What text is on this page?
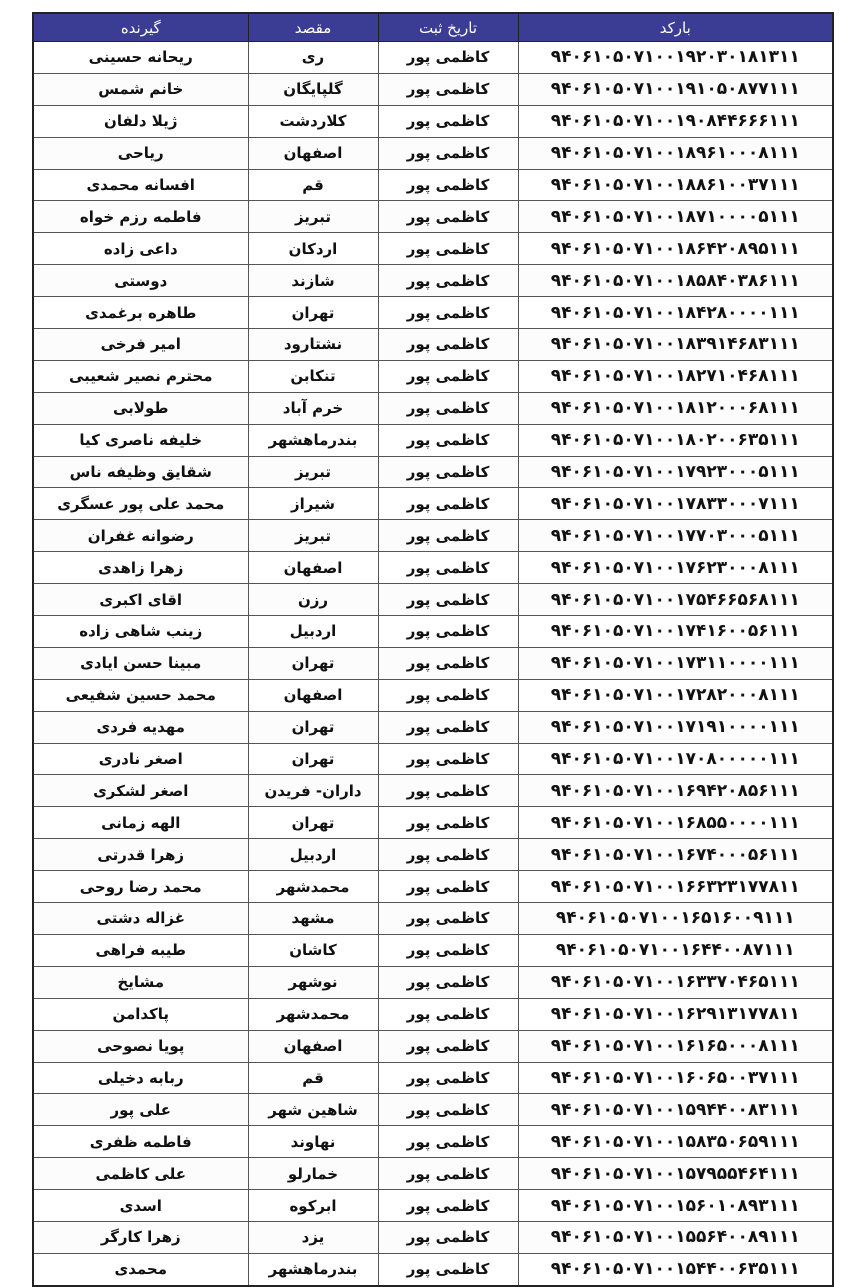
بارکد	تاریخ ثبت	مقصد	گیرنده
۹۴۰۶۱۰۵۰۷۱۰۰۱۹۲۰۳۰۱۸۱۳۱۱	کاظمی پور	ری	ریحانه حسینی
۹۴۰۶۱۰۵۰۷۱۰۰۱۹۱۰۵۰۸۷۷۱۱۱	کاظمی پور	گلپایگان	خانم شمس
۹۴۰۶۱۰۵۰۷۱۰۰۱۹۰۸۴۴۶۶۶۱۱۱	کاظمی پور	کلاردشت	ژیلا دلفان
۹۴۰۶۱۰۵۰۷۱۰۰۱۸۹۶۱۰۰۰۸۱۱۱	کاظمی پور	اصفهان	ریاحی
۹۴۰۶۱۰۵۰۷۱۰۰۱۸۸۶۱۰۰۳۷۱۱۱	کاظمی پور	قم	افسانه محمدی
۹۴۰۶۱۰۵۰۷۱۰۰۱۸۷۱۰۰۰۰۵۱۱۱	کاظمی پور	تبریز	فاطمه رزم خواه
۹۴۰۶۱۰۵۰۷۱۰۰۱۸۶۴۲۰۸۹۵۱۱۱	کاظمی پور	اردکان	داعی زاده
۹۴۰۶۱۰۵۰۷۱۰۰۱۸۵۸۴۰۳۸۶۱۱۱	کاظمی پور	شازند	دوستی
۹۴۰۶۱۰۵۰۷۱۰۰۱۸۴۲۸۰۰۰۰۱۱۱	کاظمی پور	تهران	طاهره برغمدی
۹۴۰۶۱۰۵۰۷۱۰۰۱۸۳۹۱۴۶۸۳۱۱۱	کاظمی پور	نشتارود	امیر فرخی
۹۴۰۶۱۰۵۰۷۱۰۰۱۸۲۷۱۰۴۶۸۱۱۱	کاظمی پور	تنکابن	محترم نصیر شعیبی
۹۴۰۶۱۰۵۰۷۱۰۰۱۸۱۲۰۰۰۶۸۱۱۱	کاظمی پور	خرم آباد	طولابی
۹۴۰۶۱۰۵۰۷۱۰۰۱۸۰۲۰۰۶۳۵۱۱۱	کاظمی پور	بندرماهشهر	خلیفه ناصری کیا
۹۴۰۶۱۰۵۰۷۱۰۰۱۷۹۲۳۰۰۰۵۱۱۱	کاظمی پور	تبریز	شقایق وظیفه ناس
۹۴۰۶۱۰۵۰۷۱۰۰۱۷۸۳۳۰۰۰۷۱۱۱	کاظمی پور	شیراز	محمد علی پور عسگری
۹۴۰۶۱۰۵۰۷۱۰۰۱۷۷۰۳۰۰۰۵۱۱۱	کاظمی پور	تبریز	رضوانه غفران
۹۴۰۶۱۰۵۰۷۱۰۰۱۷۶۲۳۰۰۰۸۱۱۱	کاظمی پور	اصفهان	زهرا زاهدی
۹۴۰۶۱۰۵۰۷۱۰۰۱۷۵۴۶۶۵۶۸۱۱۱	کاظمی پور	رزن	اقای اکبری
۹۴۰۶۱۰۵۰۷۱۰۰۱۷۴۱۶۰۰۵۶۱۱۱	کاظمی پور	اردبیل	زینب شاهی زاده
۹۴۰۶۱۰۵۰۷۱۰۰۱۷۳۱۱۰۰۰۰۱۱۱	کاظمی پور	تهران	مبینا حسن ایادی
۹۴۰۶۱۰۵۰۷۱۰۰۱۷۲۸۲۰۰۰۸۱۱۱	کاظمی پور	اصفهان	محمد حسین شفیعی
۹۴۰۶۱۰۵۰۷۱۰۰۱۷۱۹۱۰۰۰۰۱۱۱	کاظمی پور	تهران	مهدیه فردی
۹۴۰۶۱۰۵۰۷۱۰۰۱۷۰۸۰۰۰۰۰۱۱۱	کاظمی پور	تهران	اصغر نادری
۹۴۰۶۱۰۵۰۷۱۰۰۱۶۹۴۲۰۸۵۶۱۱۱	کاظمی پور	داران- فریدن	اصغر لشکری
۹۴۰۶۱۰۵۰۷۱۰۰۱۶۸۵۵۰۰۰۰۱۱۱	کاظمی پور	تهران	الهه زمانی
۹۴۰۶۱۰۵۰۷۱۰۰۱۶۷۴۰۰۰۵۶۱۱۱	کاظمی پور	اردبیل	زهرا قدرتی
۹۴۰۶۱۰۵۰۷۱۰۰۱۶۶۳۲۳۱۷۷۸۱۱	کاظمی پور	محمدشهر	محمد رضا روحی
۹۴۰۶۱۰۵۰۷۱۰۰۱۶۵۱۶۰۰۹۱۱۱	کاظمی پور	مشهد	غزاله دشتی
۹۴۰۶۱۰۵۰۷۱۰۰۱۶۴۴۰۰۸۷۱۱۱	کاظمی پور	کاشان	طیبه فراهی
۹۴۰۶۱۰۵۰۷۱۰۰۱۶۳۳۷۰۴۶۵۱۱۱	کاظمی پور	نوشهر	مشایخ
۹۴۰۶۱۰۵۰۷۱۰۰۱۶۲۹۱۳۱۷۷۸۱۱	کاظمی پور	محمدشهر	پاکدامن
۹۴۰۶۱۰۵۰۷۱۰۰۱۶۱۶۵۰۰۰۸۱۱۱	کاظمی پور	اصفهان	پویا نصوحی
۹۴۰۶۱۰۵۰۷۱۰۰۱۶۰۶۵۰۰۳۷۱۱۱	کاظمی پور	قم	ربابه دخیلی
۹۴۰۶۱۰۵۰۷۱۰۰۱۵۹۴۴۰۰۸۳۱۱۱	کاظمی پور	شاهین شهر	علی پور
۹۴۰۶۱۰۵۰۷۱۰۰۱۵۸۳۵۰۶۵۹۱۱۱	کاظمی پور	نهاوند	فاطمه ظفری
۹۴۰۶۱۰۵۰۷۱۰۰۱۵۷۹۵۵۴۶۴۱۱۱	کاظمی پور	خمارلو	علی کاظمی
۹۴۰۶۱۰۵۰۷۱۰۰۱۵۶۰۱۰۸۹۳۱۱۱	کاظمی پور	ابرکوه	اسدی
۹۴۰۶۱۰۵۰۷۱۰۰۱۵۵۶۴۰۰۸۹۱۱۱	کاظمی پور	یزد	زهرا کارگر
۹۴۰۶۱۰۵۰۷۱۰۰۱۵۴۴۰۰۶۳۵۱۱۱	کاظمی پور	بندرماهشهر	محمدی
